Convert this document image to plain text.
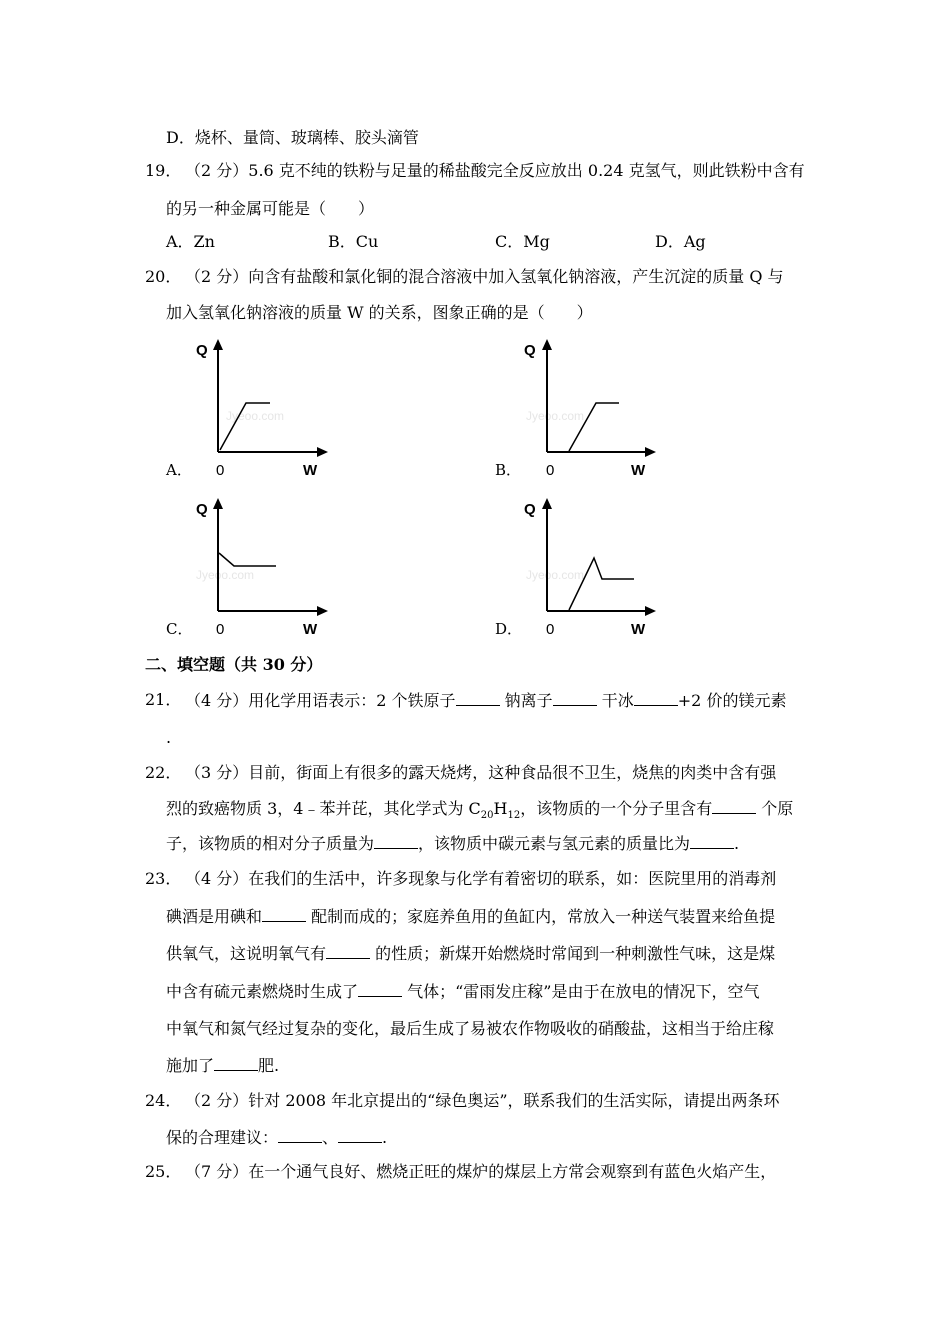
D．烧杯、量筒、玻璃棒、胶头滴管
19． （2 分）5.6 克不纯的铁粉与足量的稀盐酸完全反应放出 0.24 克氢气，则此铁粉中含有
的另一种金属可能是（　　）
A．Zn	B．Cu	C．Mg	D．Ag
20． （2 分）向含有盐酸和氯化铜的混合溶液中加入氢氧化钠溶液，产生沉淀的质量 Q 与
加入氢氧化钠溶液的质量 W 的关系，图象正确的是（　　）
A．
Q
0	W
Jyeoo.com
B．
Q
0	W
Jyeoo.com
C．
Q
0	W
Jyeoo.com
D．
Q
0	W
Jyeoo.com
二、填空题（共 30 分）
21． （4 分）用化学用语表示：2 个铁原子	钠离子	干冰	+2 价的镁元素
.
22． （3 分）目前，街面上有很多的露天烧烤，这种食品很不卫生，烧焦的肉类中含有强
烈的致癌物质 3，4﹣苯并芘，其化学式为 $C_{20}H_{12}$，该物质的一个分子里含有	个原
子，该物质的相对分子质量为	，该物质中碳元素与氢元素的质量比为	.
23． （4 分）在我们的生活中，许多现象与化学有着密切的联系，如：医院里用的消毒剂
碘酒是用碘和	配制而成的；家庭养鱼用的鱼缸内，常放入一种送气装置来给鱼提
供氧气，这说明氧气有	的性质；新煤开始燃烧时常闻到一种刺激性气味，这是煤
中含有硫元素燃烧时生成了	气体；“雷雨发庄稼”是由于在放电的情况下，空气
中氧气和氮气经过复杂的变化，最后生成了易被农作物吸收的硝酸盐，这相当于给庄稼
施加了	肥.
24． （2 分）针对 2008 年北京提出的“绿色奥运”，联系我们的生活实际，请提出两条环
保的合理建议：	、	.
25． （7 分）在一个通气良好、燃烧正旺的煤炉的煤层上方常会观察到有蓝色火焰产生，
